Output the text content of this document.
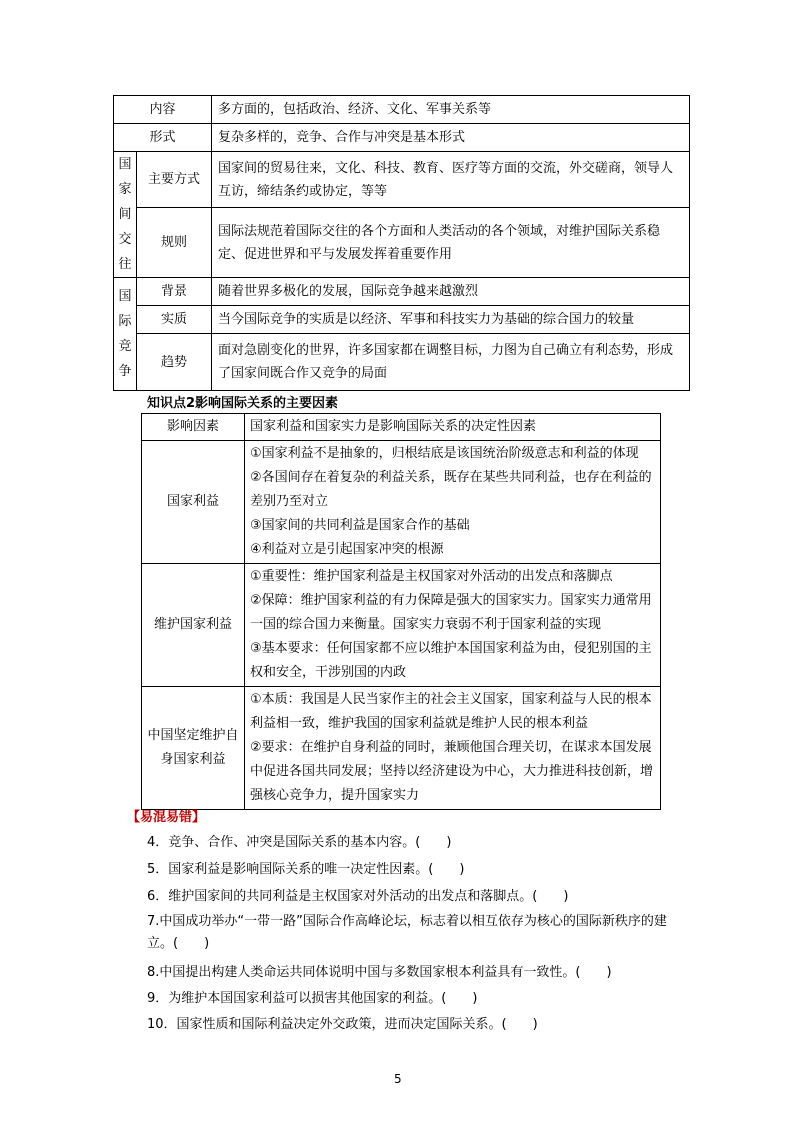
内容		多方面的，包括政治、经济、文化、军事关系等
形式		复杂多样的，竞争、合作与冲突是基本形式
国家间交往	主要方式	国家间的贸易往来，文化、科技、教育、医疗等方面的交流，外交磋商，领导人互访，缔结条约或协定，等等
	规则	国际法规范着国际交往的各个方面和人类活动的各个领域，对维护国际关系稳定、促进世界和平与发展发挥着重要作用
国际竞争	背景	随着世界多极化的发展，国际竞争越来越激烈
	实质	当今国际竞争的实质是以经济、军事和科技实力为基础的综合国力的较量
	趋势	面对急剧变化的世界，许多国家都在调整目标，力图为自己确立有利态势，形成了国家间既合作又竞争的局面
知识点2影响国际关系的主要因素
影响因素	国家利益和国家实力是影响国际关系的决定性因素
国家利益	①国家利益不是抽象的，归根结底是该国统治阶级意志和利益的体现
②各国间存在着复杂的利益关系，既存在某些共同利益，也存在利益的差别乃至对立
③国家间的共同利益是国家合作的基础
④利益对立是引起国家冲突的根源

维护国家利益	①重要性：维护国家利益是主权国家对外活动的出发点和落脚点
②保障：维护国家利益的有力保障是强大的国家实力。国家实力通常用一国的综合国力来衡量。国家实力衰弱不利于国家利益的实现
③基本要求：任何国家都不应以维护本国国家利益为由，侵犯别国的主权和安全，干涉别国的内政

中国坚定维护自身国家利益	①本质：我国是人民当家作主的社会主义国家，国家利益与人民的根本利益相一致，维护我国的国家利益就是维护人民的根本利益
②要求：在维护自身利益的同时，兼顾他国合理关切，在谋求本国发展中促进各国共同发展；坚持以经济建设为中心，大力推进科技创新，增强核心竞争力，提升国家实力
【易混易错】
4．竞争、合作、冲突是国际关系的基本内容。(　　)
5．国家利益是影响国际关系的唯一决定性因素。(　　)
6．维护国家间的共同利益是主权国家对外活动的出发点和落脚点。(　　)
7.中国成功举办“一带一路”国际合作高峰论坛，标志着以相互依存为核心的国际新秩序的建立。(　　)
8.中国提出构建人类命运共同体说明中国与多数国家根本利益具有一致性。(　　)
9．为维护本国国家利益可以损害其他国家的利益。(　　)
10．国家性质和国际利益决定外交政策，进而决定国际关系。(　　)
5
